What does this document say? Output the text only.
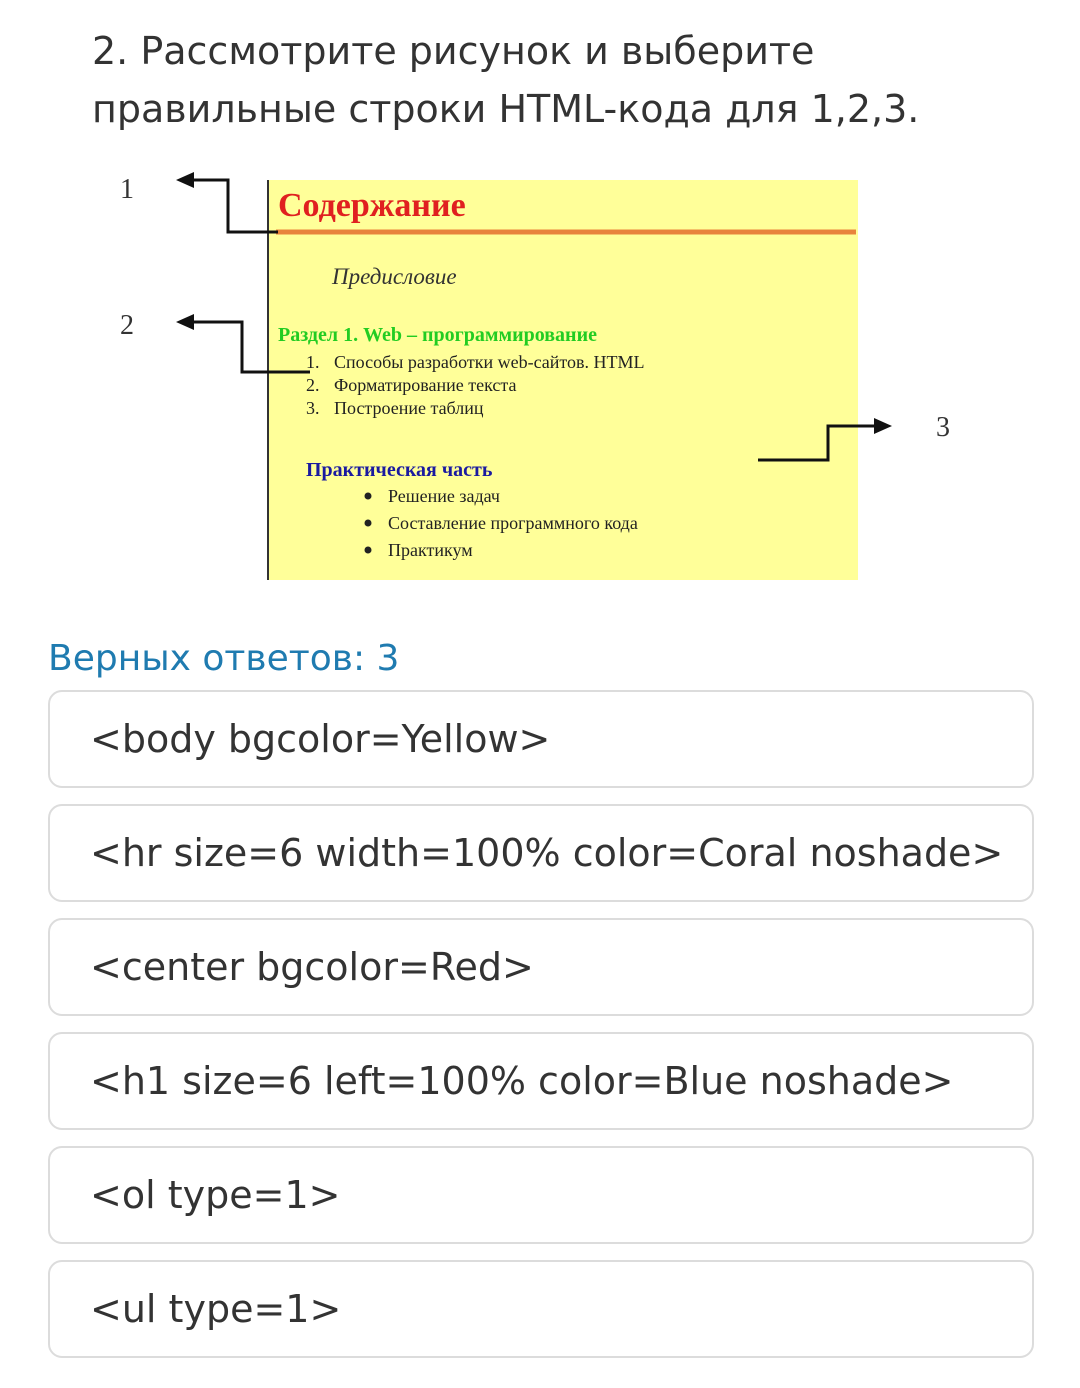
2. Рассмотрите рисунок и выберите
правильные строки HTML-кода для 1,2,3.
Содержание
Предисловие
Раздел 1. Web – программирование
1. Способы разработки web-сайтов. HTML
2. Форматирование текста
3. Построение таблиц
Практическая часть
Решение задач
Составление программного кода
Практикум
1
2
3
Верных ответов: 3
<body bgcolor=Yellow>
<hr size=6 width=100% color=Coral noshade>
<center bgcolor=Red>
<h1 size=6 left=100% color=Blue noshade>
<ol type=1>
<ul type=1>
